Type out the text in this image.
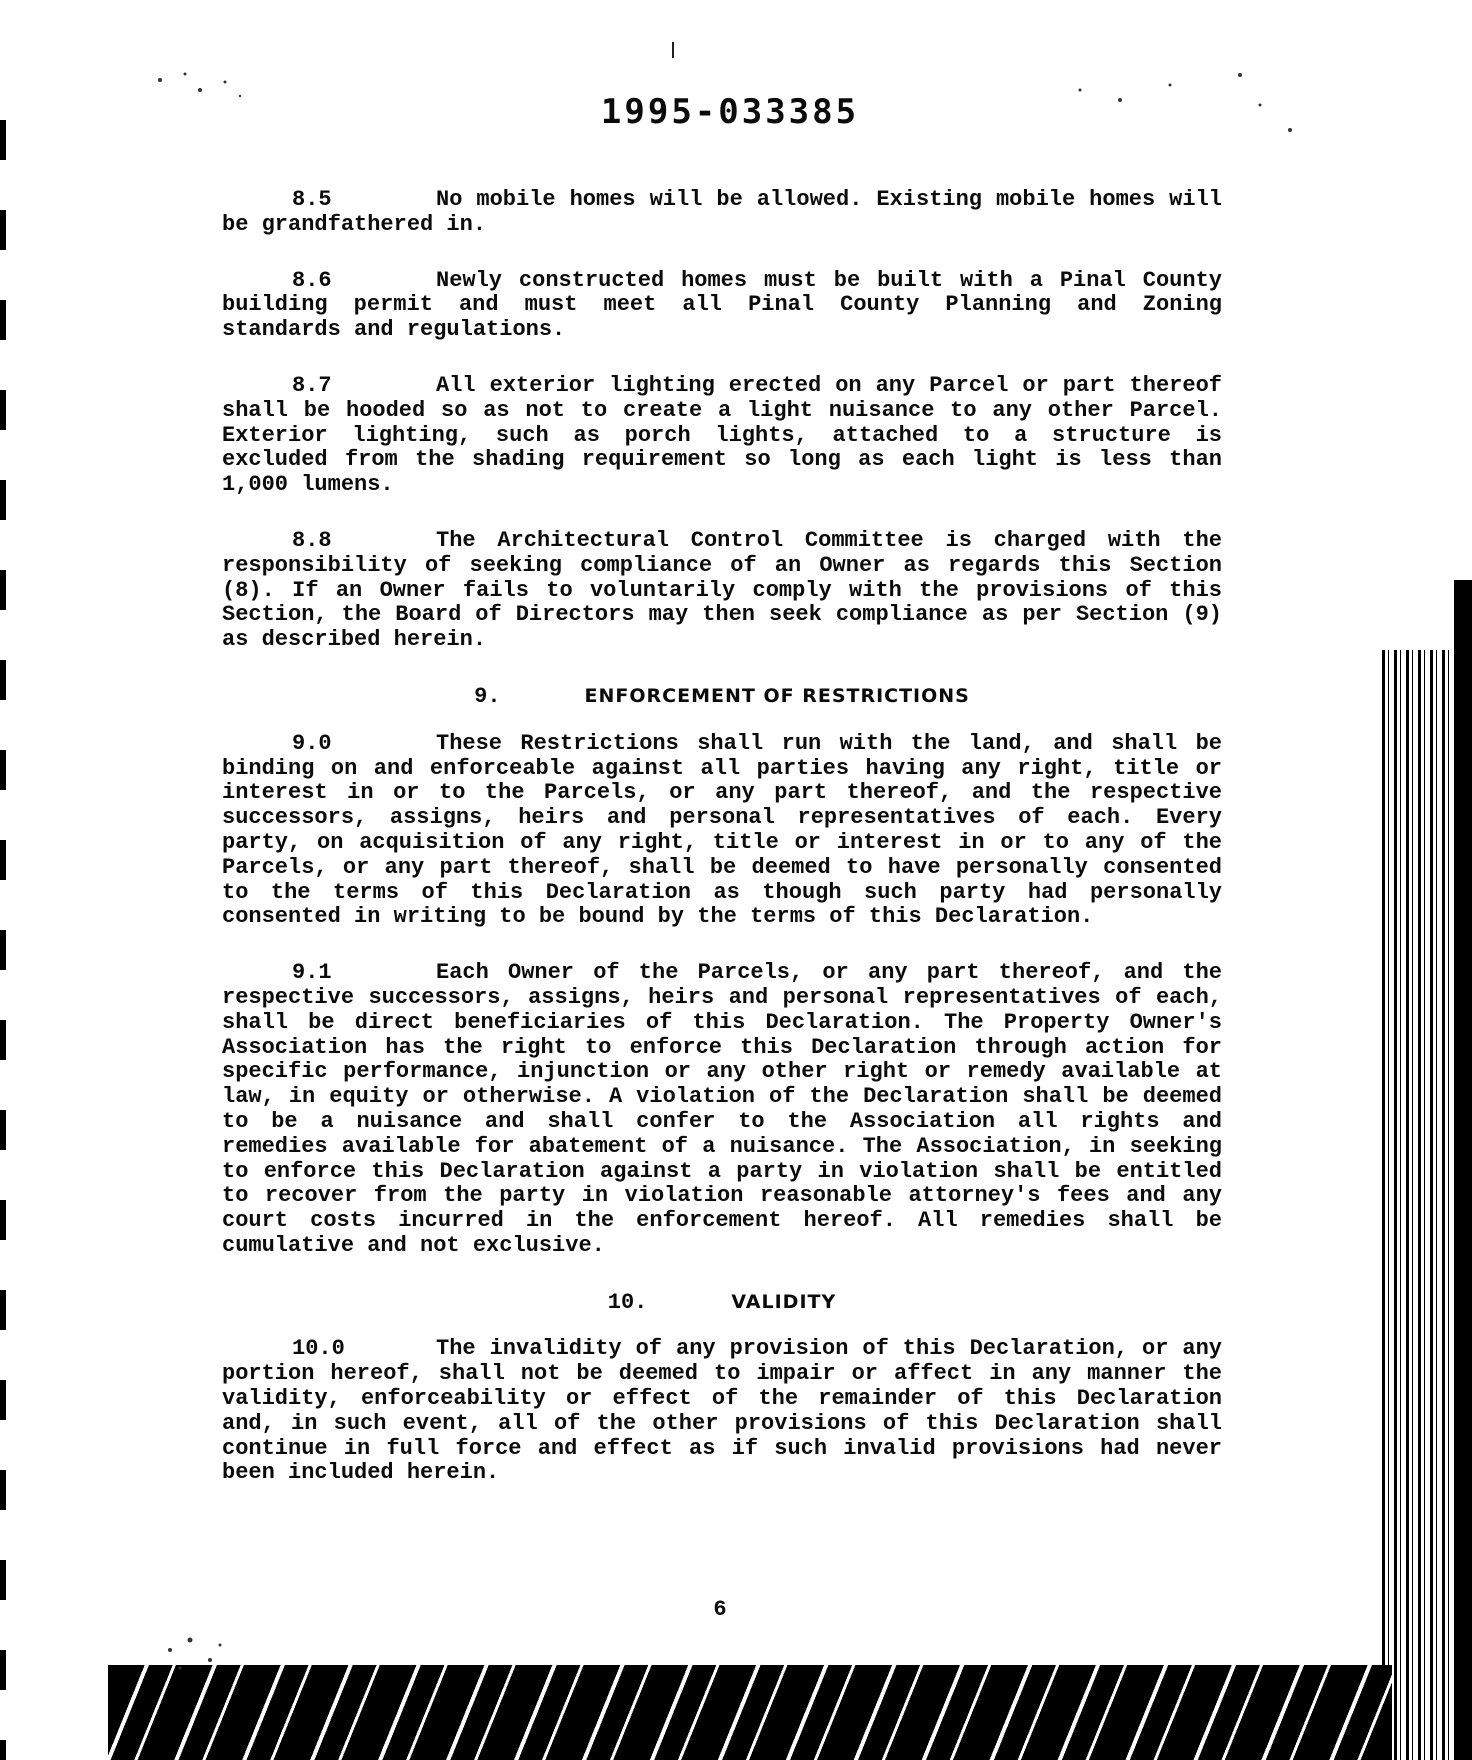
1995-033385

8.5	No mobile homes will be allowed. Existing mobile homes will be grandfathered in.

8.6	Newly constructed homes must be built with a Pinal County building permit and must meet all Pinal County Planning and Zoning standards and regulations.

8.7	All exterior lighting erected on any Parcel or part thereof shall be hooded so as not to create a light nuisance to any other Parcel. Exterior lighting, such as porch lights, attached to a structure is excluded from the shading requirement so long as each light is less than 1,000 lumens.

8.8	The Architectural Control Committee is charged with the responsibility of seeking compliance of an Owner as regards this Section (8). If an Owner fails to voluntarily comply with the provisions of this Section, the Board of Directors may then seek compliance as per Section (9) as described herein.

9.	ENFORCEMENT OF RESTRICTIONS

9.0	These Restrictions shall run with the land, and shall be binding on and enforceable against all parties having any right, title or interest in or to the Parcels, or any part thereof, and the respective successors, assigns, heirs and personal representatives of each. Every party, on acquisition of any right, title or interest in or to any of the Parcels, or any part thereof, shall be deemed to have personally consented to the terms of this Declaration as though such party had personally consented in writing to be bound by the terms of this Declaration.

9.1	Each Owner of the Parcels, or any part thereof, and the respective successors, assigns, heirs and personal representatives of each, shall be direct beneficiaries of this Declaration. The Property Owner's Association has the right to enforce this Declaration through action for specific performance, injunction or any other right or remedy available at law, in equity or otherwise. A violation of the Declaration shall be deemed to be a nuisance and shall confer to the Association all rights and remedies available for abatement of a nuisance. The Association, in seeking to enforce this Declaration against a party in violation shall be entitled to recover from the party in violation reasonable attorney's fees and any court costs incurred in the enforcement hereof. All remedies shall be cumulative and not exclusive.

10.	VALIDITY

10.0	The invalidity of any provision of this Declaration, or any portion hereof, shall not be deemed to impair or affect in any manner the validity, enforceability or effect of the remainder of this Declaration and, in such event, all of the other provisions of this Declaration shall continue in full force and effect as if such invalid provisions had never been included herein.

6
